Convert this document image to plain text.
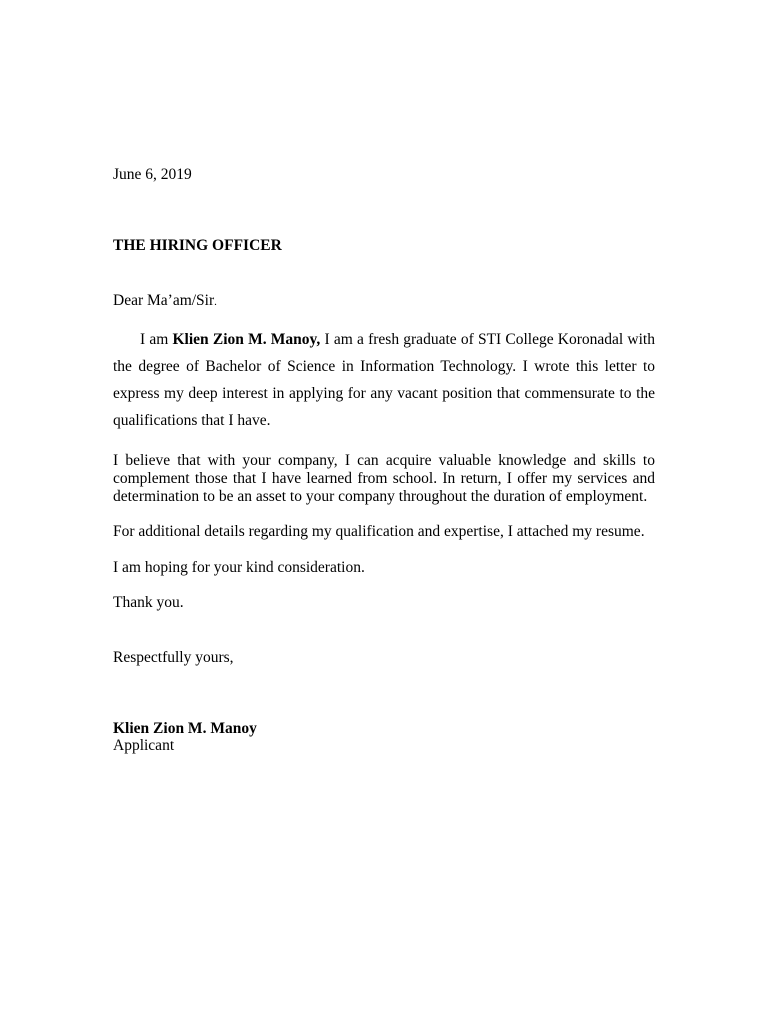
June 6, 2019

THE HIRING OFFICER

Dear Ma’am/Sir.

I am Klien Zion M. Manoy, I am a fresh graduate of STI College Koronadal with the degree of Bachelor of Science in Information Technology. I wrote this letter to express my deep interest in applying for any vacant position that commensurate to the qualifications that I have.

I believe that with your company, I can acquire valuable knowledge and skills to complement those that I have learned from school. In return, I offer my services and determination to be an asset to your company throughout the duration of employment.

For additional details regarding my qualification and expertise, I attached my resume.

I am hoping for your kind consideration.

Thank you.

Respectfully yours,

Klien Zion M. Manoy

Applicant
